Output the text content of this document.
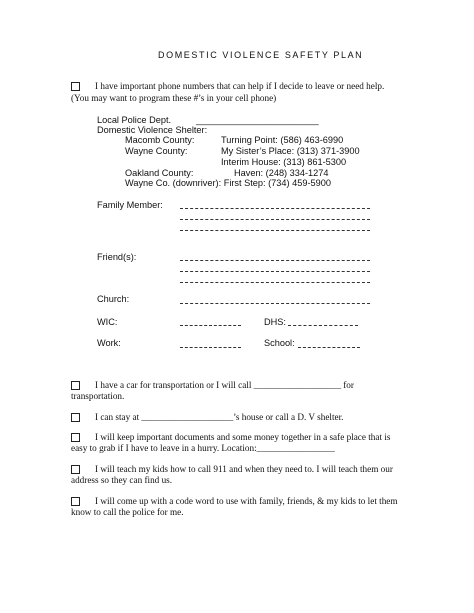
DOMESTIC VIOLENCE SAFETY PLAN
I have important phone numbers that can help if I decide to leave or need help.
(You may want to program these #’s in your cell phone)
Local Police Dept.	________________________
Domestic Violence Shelter:
Macomb County:	Turning Point: (586) 463-6990
Wayne County:	My Sister’s Place: (313) 371-3900
Interim House: (313) 861-5300
Oakland County:	Haven: (248) 334-1274
Wayne Co. (downriver): First Step: (734) 459-5900
Family Member:
Friend(s):
Church:
WIC:	DHS:
Work:	School:
I have a car for transportation or I will call ___________________ for
transportation.
I can stay at ____________________’s house or call a D. V shelter.
I will keep important documents and some money together in a safe place that is
easy to grab if I have to leave in a hurry. Location:_________________
I will teach my kids how to call 911 and when they need to. I will teach them our
address so they can find us.
I will come up with a code word to use with family, friends, & my kids to let them
know to call the police for me.
